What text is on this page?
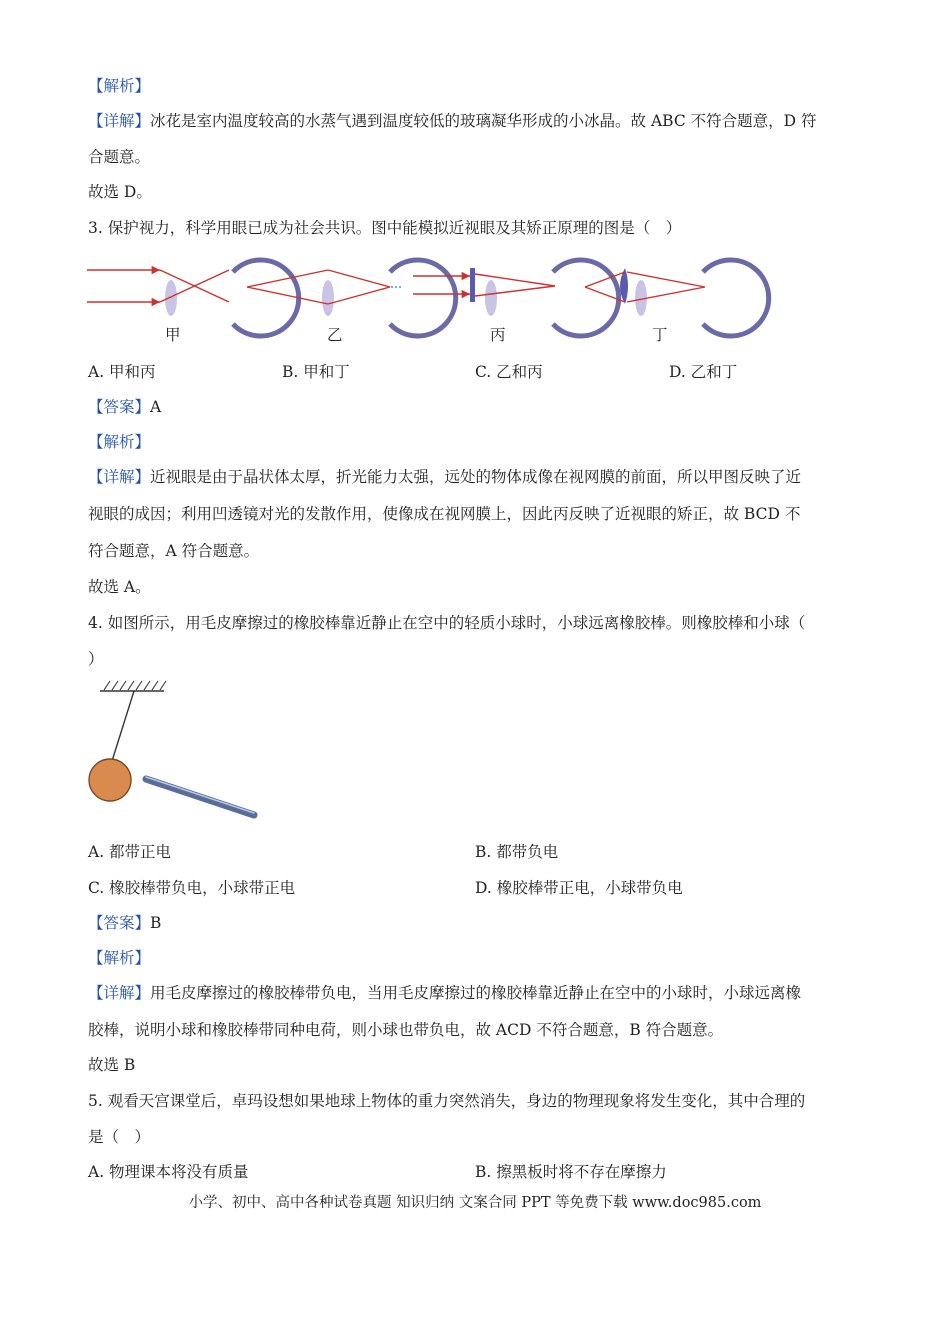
【解析】
【详解】冰花是室内温度较高的水蒸气遇到温度较低的玻璃凝华形成的小冰晶。故 ABC 不符合题意，D 符
合题意。
故选 D。
3. 保护视力，科学用眼已成为社会共识。图中能模拟近视眼及其矫正原理的图是（　）
甲	乙	丙	丁
A. 甲和丙	B. 甲和丁	C. 乙和丙	D. 乙和丁
【答案】A
【解析】
【详解】近视眼是由于晶状体太厚，折光能力太强，远处的物体成像在视网膜的前面，所以甲图反映了近
视眼的成因；利用凹透镜对光的发散作用，使像成在视网膜上，因此丙反映了近视眼的矫正，故 BCD 不
符合题意，A 符合题意。
故选 A。
4. 如图所示，用毛皮摩擦过的橡胶棒靠近静止在空中的轻质小球时，小球远离橡胶棒。则橡胶棒和小球（
）
A. 都带正电	B. 都带负电
C. 橡胶棒带负电，小球带正电	D. 橡胶棒带正电，小球带负电
【答案】B
【解析】
【详解】用毛皮摩擦过的橡胶棒带负电，当用毛皮摩擦过的橡胶棒靠近静止在空中的小球时，小球远离橡
胶棒，说明小球和橡胶棒带同种电荷，则小球也带负电，故 ACD 不符合题意，B 符合题意。
故选 B
5. 观看天宫课堂后，卓玛设想如果地球上物体的重力突然消失，身边的物理现象将发生变化，其中合理的
是（　）
A. 物理课本将没有质量	B. 擦黑板时将不存在摩擦力
小学、初中、高中各种试卷真题 知识归纳 文案合同 PPT 等免费下载 www.doc985.com
